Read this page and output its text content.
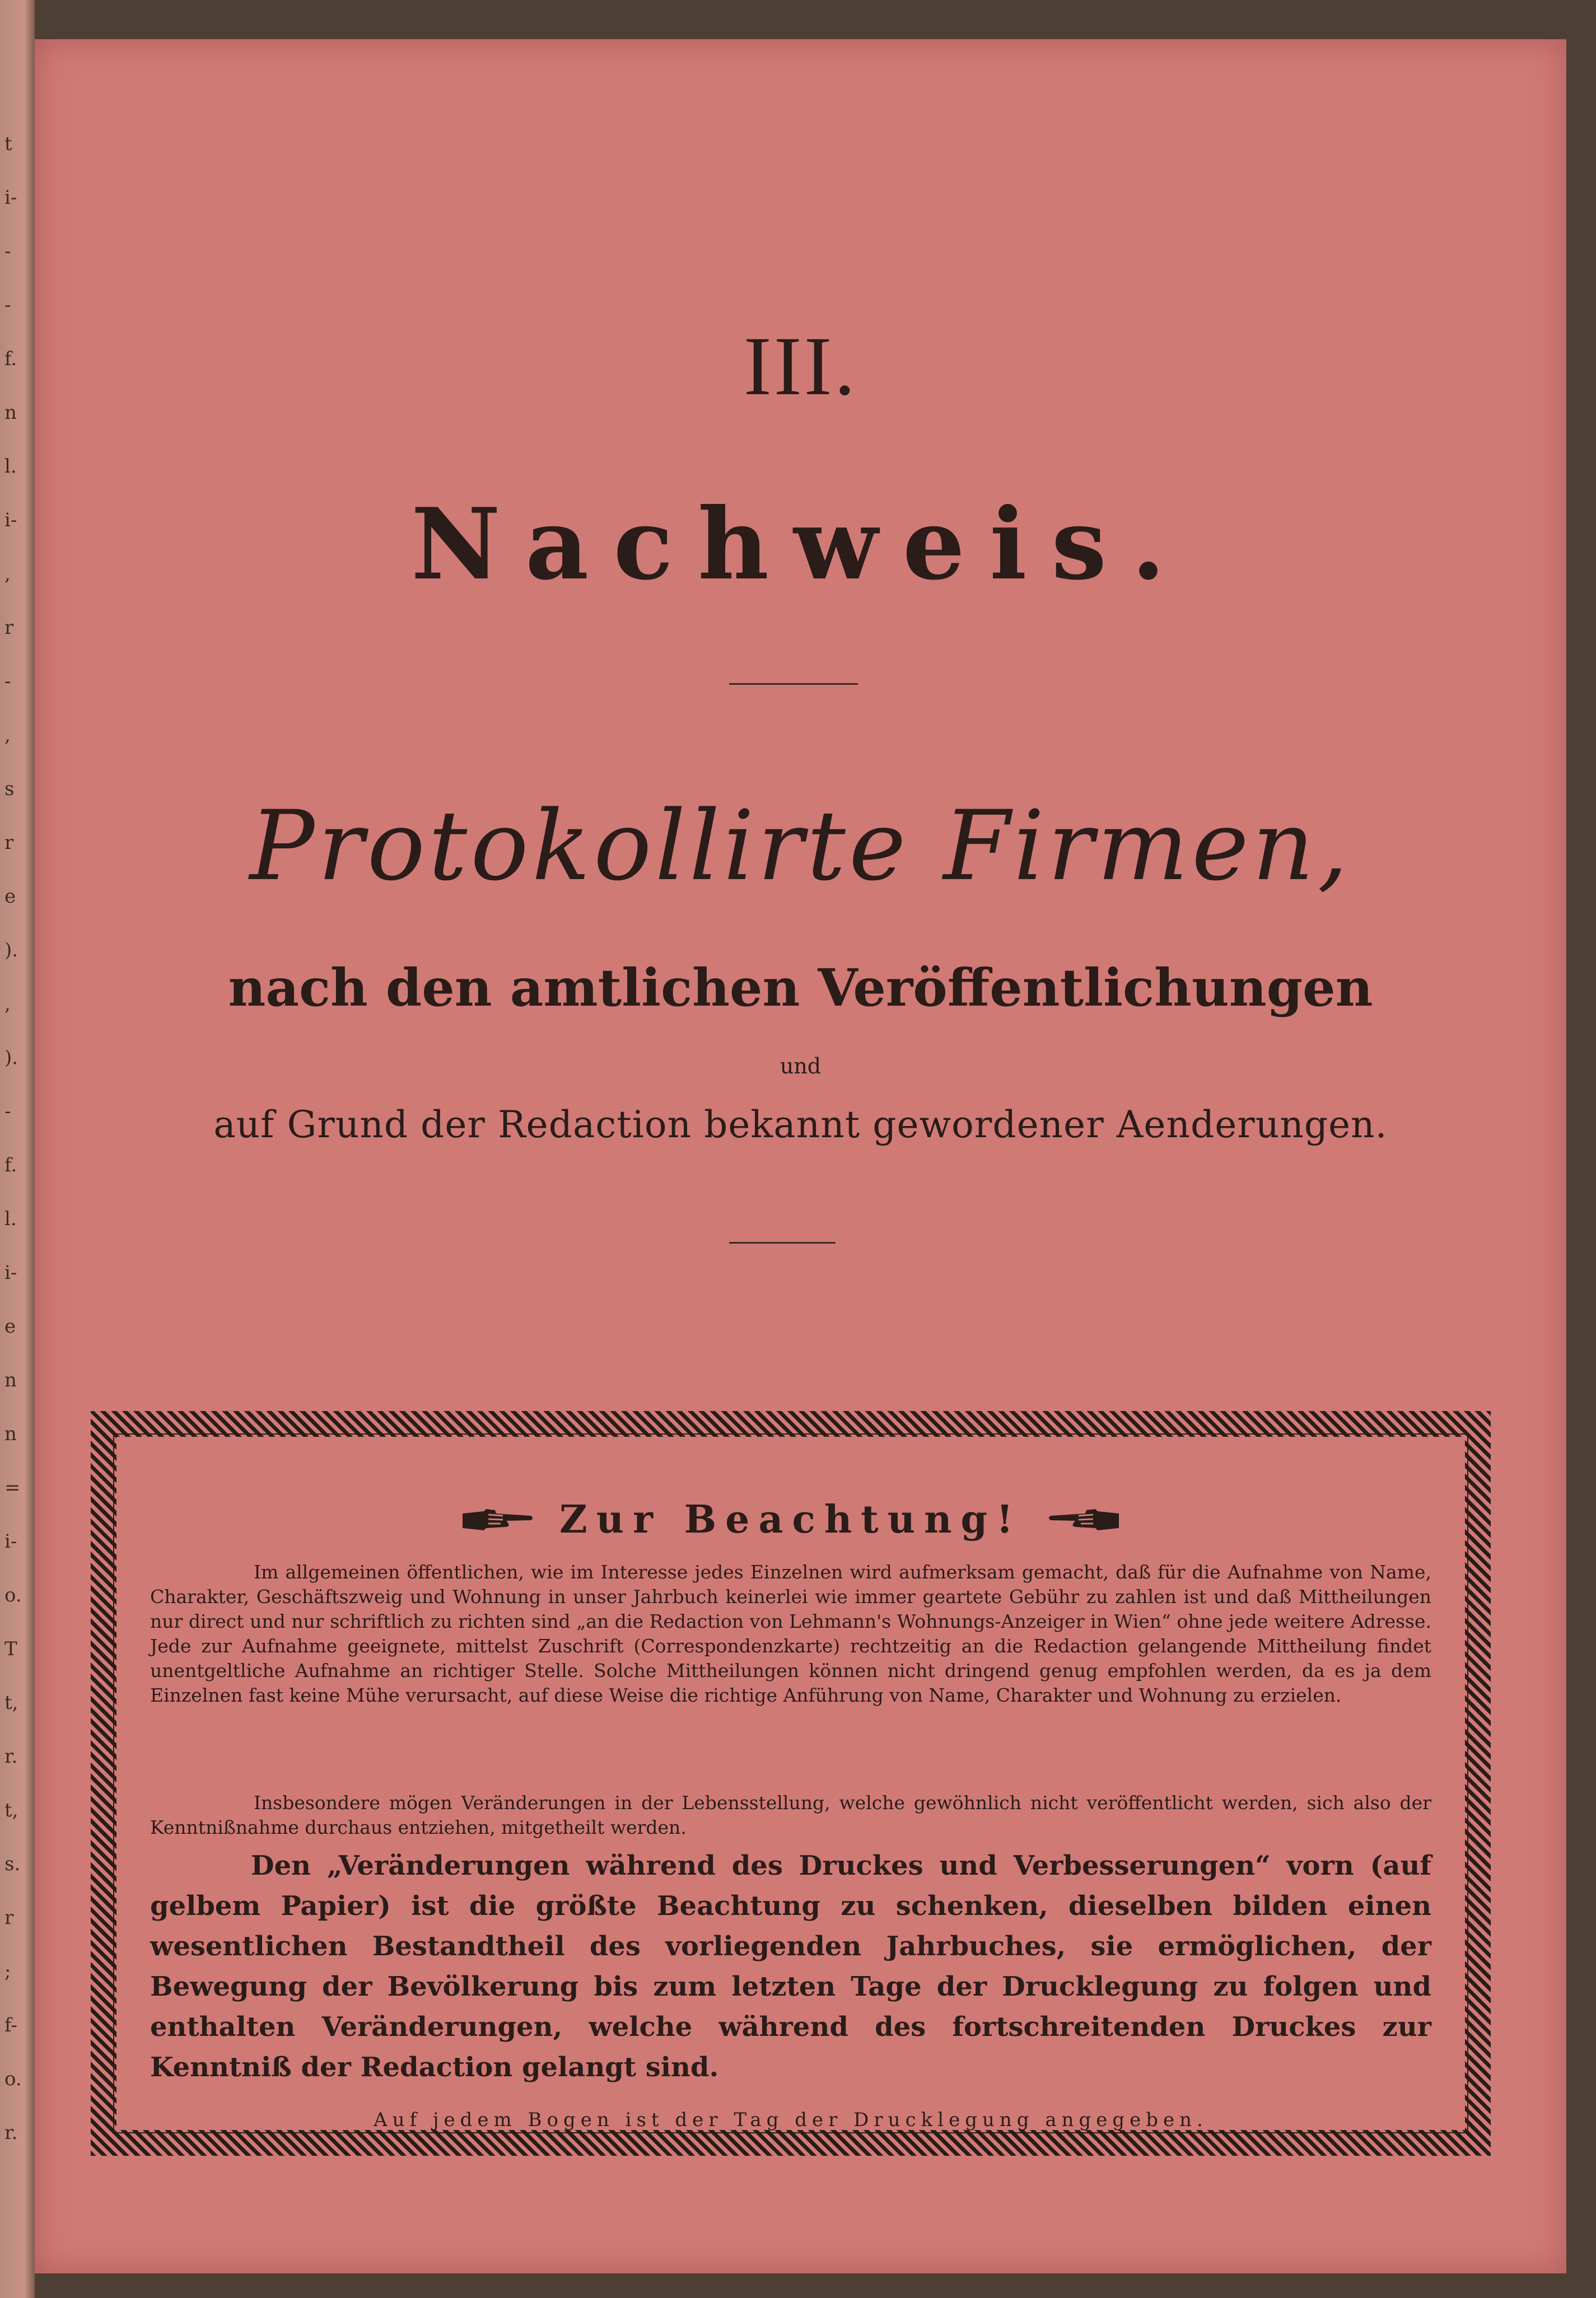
t
i-
-
-
f.
n
l.
i-
,
r
-
,
s
r
e
).
,
).
-
f.
l.
i-
e
n
n
=
i-
o.
T
t,
r.
t,
s.
r
;
f-
o.
r.
III.
Nachweis.
Protokollirte Firmen,
nach den amtlichen Veröffentlichungen
und
auf Grund der Redaction bekannt gewordener Aenderungen.
Zur Beachtung!
Im allgemeinen öffentlichen, wie im Interesse jedes Einzelnen wird aufmerksam gemacht, daß für die Aufnahme von Name, Charakter, Geschäftszweig und Wohnung in unser Jahrbuch keinerlei wie immer geartete Gebühr zu zahlen ist und daß Mittheilungen nur direct und nur schriftlich zu richten sind „an die Redaction von Lehmann's Wohnungs-Anzeiger in Wien“ ohne jede weitere Adresse. Jede zur Aufnahme geeignete, mittelst Zuschrift (Correspondenzkarte) rechtzeitig an die Redaction gelangende Mittheilung findet unentgeltliche Aufnahme an richtiger Stelle. Solche Mittheilungen können nicht dringend genug empfohlen werden, da es ja dem Einzelnen fast keine Mühe verursacht, auf diese Weise die richtige Anführung von Name, Charakter und Wohnung zu erzielen.
Insbesondere mögen Veränderungen in der Lebensstellung, welche gewöhnlich nicht veröffentlicht werden, sich also der Kenntnißnahme durchaus entziehen, mitgetheilt werden.
Den „Veränderungen während des Druckes und Verbesserungen“ vorn (auf gelbem Papier) ist die größte Beachtung zu schenken, dieselben bilden einen wesentlichen Bestandtheil des vorliegenden Jahrbuches, sie ermöglichen, der Bewegung der Bevölkerung bis zum letzten Tage der Drucklegung zu folgen und enthalten Veränderungen, welche während des fortschreitenden Druckes zur Kenntniß der Redaction gelangt sind.
Auf jedem Bogen ist der Tag der Drucklegung angegeben.
